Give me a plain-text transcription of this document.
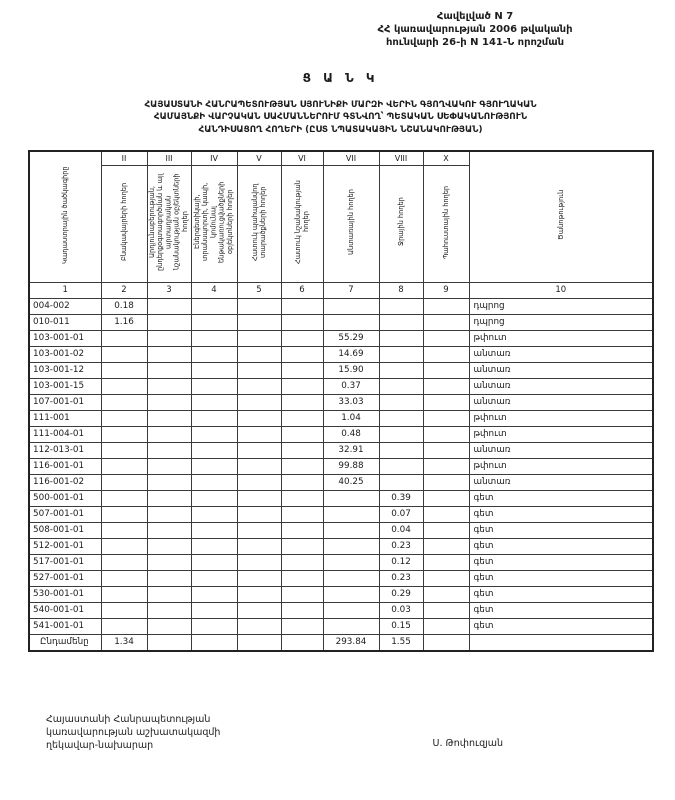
Հավելված N 7
ՀՀ կառավարության 2006 թվականի
հունվարի 26-ի N 141-Ն որոշման
Ց Ա Ն Կ
ՀԱՅԱՍՏԱՆԻ ՀԱՆՐԱՊԵՏՈՒԹՅԱՆ ՍՅՈՒՆԻՔԻ ՄԱՐԶԻ ՎԵՐԻՆ ԳՅՈՂՎԱԿՈՒ ԳՅՈՒՂԱԿԱՆ
ՀԱՄԱՅՆՔԻ ՎԱՐՉԱԿԱՆ ՍԱՀՄԱՆՆԵՐՈՒՄ ԳՏՆՎՈՂ՝ ՊԵՏԱԿԱՆ ՍԵՓԱԿԱՆՈՒԹՅՈՒՆ
ՀԱՆԴԻՍԱՑՈՂ ՀՈՂԵՐԻ (ԸՍՏ ՆՊԱՏԱԿԱՅԻՆ ՆՇԱՆԱԿՈՒԹՅԱՆ)
Կադաստրային ծածկագիրը	II	III	IV	V	VI	VII	VIII	X	Ծանոթություն
	Բնակավայրերի հողեր	Արդյունաբերության, ընդերքօգտագործման և այլ արտադրական նշանակության օբյեկտների հողեր	Էներգետիկայի, տրանսպորտի, կապի, կոմունալ ենթակառուցվածքների օբյեկտների հողեր	Հատուկ պահպանվող տարածքների հողեր	Հատուկ նշանակության հողեր	Անտառային հողեր	Ջրային հողեր	Պահուստային հողեր	
1	2	3	4	5	6	7	8	9	10
004-002	0.18								դպրոց
010-011	1.16								դպրոց
103-001-01						55.29			թփուտ
103-001-02						14.69			անտառ
103-001-12						15.90			անտառ
103-001-15						0.37			անտառ
107-001-01						33.03			անտառ
111-001						1.04			թփուտ
111-004-01						0.48			թփուտ
112-013-01						32.91			անտառ
116-001-01						99.88			թփուտ
116-001-02						40.25			անտառ
500-001-01							0.39		գետ
507-001-01							0.07		գետ
508-001-01							0.04		գետ
512-001-01							0.23		գետ
517-001-01							0.12		գետ
527-001-01							0.23		գետ
530-001-01							0.29		գետ
540-001-01							0.03		գետ
541-001-01							0.15		գետ
Ընդամենը	1.34					293.84	1.55		
Հայաստանի Հանրապետության
կառավարության աշխատակազմի
ղեկավար-նախարար	Ս. Թոփուզյան
